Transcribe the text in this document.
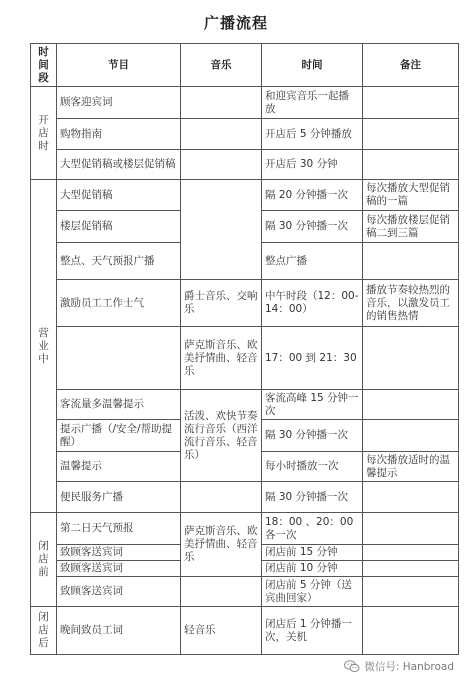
广播流程
时间段	节目	音乐	时间	备注
开店时	顾客迎宾词		和迎宾音乐一起播放	
	购物指南		开店后 5 分钟播放	
	大型促销稿或楼层促销稿		开店后 30 分钟	
营业中	大型促销稿		隔 20 分钟播一次	每次播放大型促销稿的一篇
	楼层促销稿		隔 30 分钟播一次	每次播放楼层促销稿二到三篇
	整点、天气预报广播		整点广播	
	激励员工工作士气	爵士音乐、交响乐	中午时段（12：00-14：00）	播放节奏较热烈的音乐，以激发员工的销售热情
		萨克斯音乐、欧美抒情曲、轻音乐	17：00 到 21：30	
	客流量多温馨提示	活泼、欢快节奏流行音乐（西洋流行音乐、轻音乐）	客流高峰 15 分钟一次	
	提示广播（/安全/帮助提醒）		隔 30 分钟播一次	
	温馨提示		每小时播放一次	每次播放适时的温馨提示
	便民服务广播		隔 30 分钟播一次	
闭店前	第二日天气预报	萨克斯音乐、欧美抒情曲、轻音乐	18：00 、20：00 各一次	
	致顾客送宾词		闭店前 15 分钟	
	致顾客送宾词		闭店前 10 分钟	
	致顾客送宾词		闭店前 5 分钟（送宾曲回家）	
闭店后	晚间致员工词	轻音乐	闭店后 1 分钟播一次，关机	
微信号: Hanbroad
